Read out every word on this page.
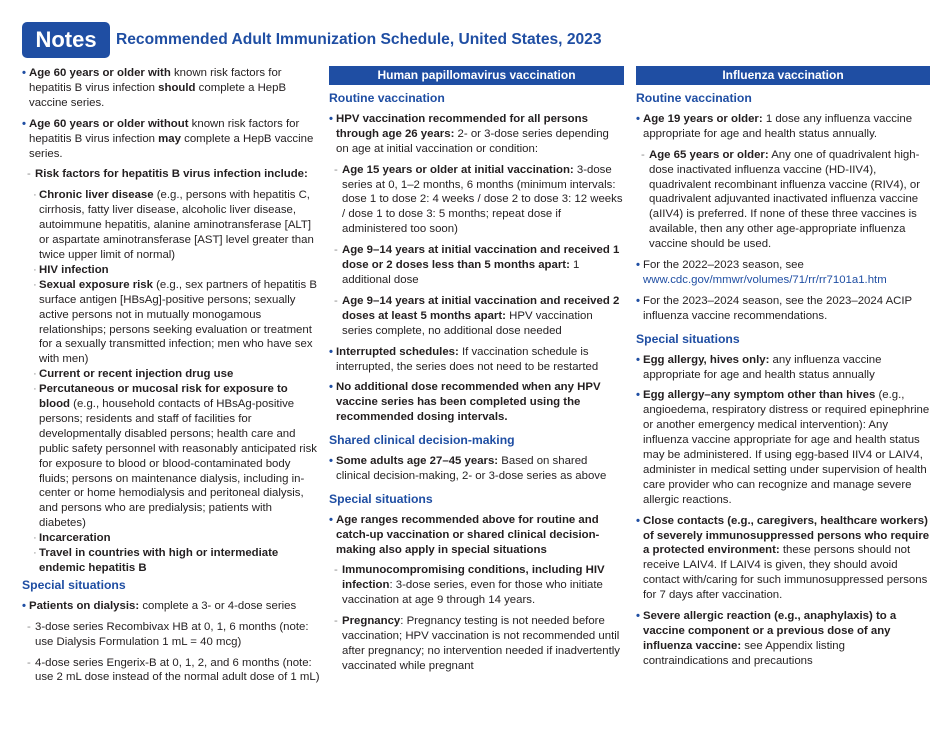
Notes	Recommended Adult Immunization Schedule, United States, 2023
• Age 60 years or older with known risk factors for hepatitis B virus infection should complete a HepB vaccine series.
• Age 60 years or older without known risk factors for hepatitis B virus infection may complete a HepB vaccine series.
- Risk factors for hepatitis B virus infection include:
· Chronic liver disease (e.g., persons with hepatitis C, cirrhosis, fatty liver disease, alcoholic liver disease, autoimmune hepatitis, alanine aminotransferase [ALT] or aspartate aminotransferase [AST] level greater than twice upper limit of normal)
· HIV infection
· Sexual exposure risk (e.g., sex partners of hepatitis B surface antigen [HBsAg]-positive persons; sexually active persons not in mutually monogamous relationships; persons seeking evaluation or treatment for a sexually transmitted infection; men who have sex with men)
· Current or recent injection drug use
· Percutaneous or mucosal risk for exposure to blood (e.g., household contacts of HBsAg-positive persons; residents and staff of facilities for developmentally disabled persons; health care and public safety personnel with reasonably anticipated risk for exposure to blood or blood-contaminated body fluids; persons on maintenance dialysis, including in-center or home hemodialysis and peritoneal dialysis, and persons who are predialysis; patients with diabetes)
· Incarceration
· Travel in countries with high or intermediate endemic hepatitis B
Special situations
• Patients on dialysis: complete a 3- or 4-dose series
- 3-dose series Recombivax HB at 0, 1, 6 months (note: use Dialysis Formulation 1 mL = 40 mcg)
- 4-dose series Engerix-B at 0, 1, 2, and 6 months (note: use 2 mL dose instead of the normal adult dose of 1 mL)
Human papillomavirus vaccination
Routine vaccination
• HPV vaccination recommended for all persons through age 26 years: 2- or 3-dose series depending on age at initial vaccination or condition:
- Age 15 years or older at initial vaccination: 3-dose series at 0, 1–2 months, 6 months (minimum intervals: dose 1 to dose 2: 4 weeks / dose 2 to dose 3: 12 weeks / dose 1 to dose 3: 5 months; repeat dose if administered too soon)
- Age 9–14 years at initial vaccination and received 1 dose or 2 doses less than 5 months apart: 1 additional dose
- Age 9–14 years at initial vaccination and received 2 doses at least 5 months apart: HPV vaccination series complete, no additional dose needed
• Interrupted schedules: If vaccination schedule is interrupted, the series does not need to be restarted
• No additional dose recommended when any HPV vaccine series has been completed using the recommended dosing intervals.
Shared clinical decision-making
• Some adults age 27–45 years: Based on shared clinical decision-making, 2- or 3-dose series as above
Special situations
• Age ranges recommended above for routine and catch-up vaccination or shared clinical decision-making also apply in special situations
- Immunocompromising conditions, including HIV infection: 3-dose series, even for those who initiate vaccination at age 9 through 14 years.
- Pregnancy: Pregnancy testing is not needed before vaccination; HPV vaccination is not recommended until after pregnancy; no intervention needed if inadvertently vaccinated while pregnant
Influenza vaccination
Routine vaccination
• Age 19 years or older: 1 dose any influenza vaccine appropriate for age and health status annually.
- Age 65 years or older: Any one of quadrivalent high-dose inactivated influenza vaccine (HD-IIV4), quadrivalent recombinant influenza vaccine (RIV4), or quadrivalent adjuvanted inactivated influenza vaccine (aIIV4) is preferred. If none of these three vaccines is available, then any other age-appropriate influenza vaccine should be used.
• For the 2022–2023 season, see www.cdc.gov/mmwr/volumes/71/rr/rr7101a1.htm
• For the 2023–2024 season, see the 2023–2024 ACIP influenza vaccine recommendations.
Special situations
• Egg allergy, hives only: any influenza vaccine appropriate for age and health status annually
• Egg allergy–any symptom other than hives (e.g., angioedema, respiratory distress or required epinephrine or another emergency medical intervention): Any influenza vaccine appropriate for age and health status may be administered. If using egg-based IIV4 or LAIV4, administer in medical setting under supervision of health care provider who can recognize and manage severe allergic reactions.
• Close contacts (e.g., caregivers, healthcare workers) of severely immunosuppressed persons who require a protected environment: these persons should not receive LAIV4. If LAIV4 is given, they should avoid contact with/caring for such immunosuppressed persons for 7 days after vaccination.
• Severe allergic reaction (e.g., anaphylaxis) to a vaccine component or a previous dose of any influenza vaccine: see Appendix listing contraindications and precautions
